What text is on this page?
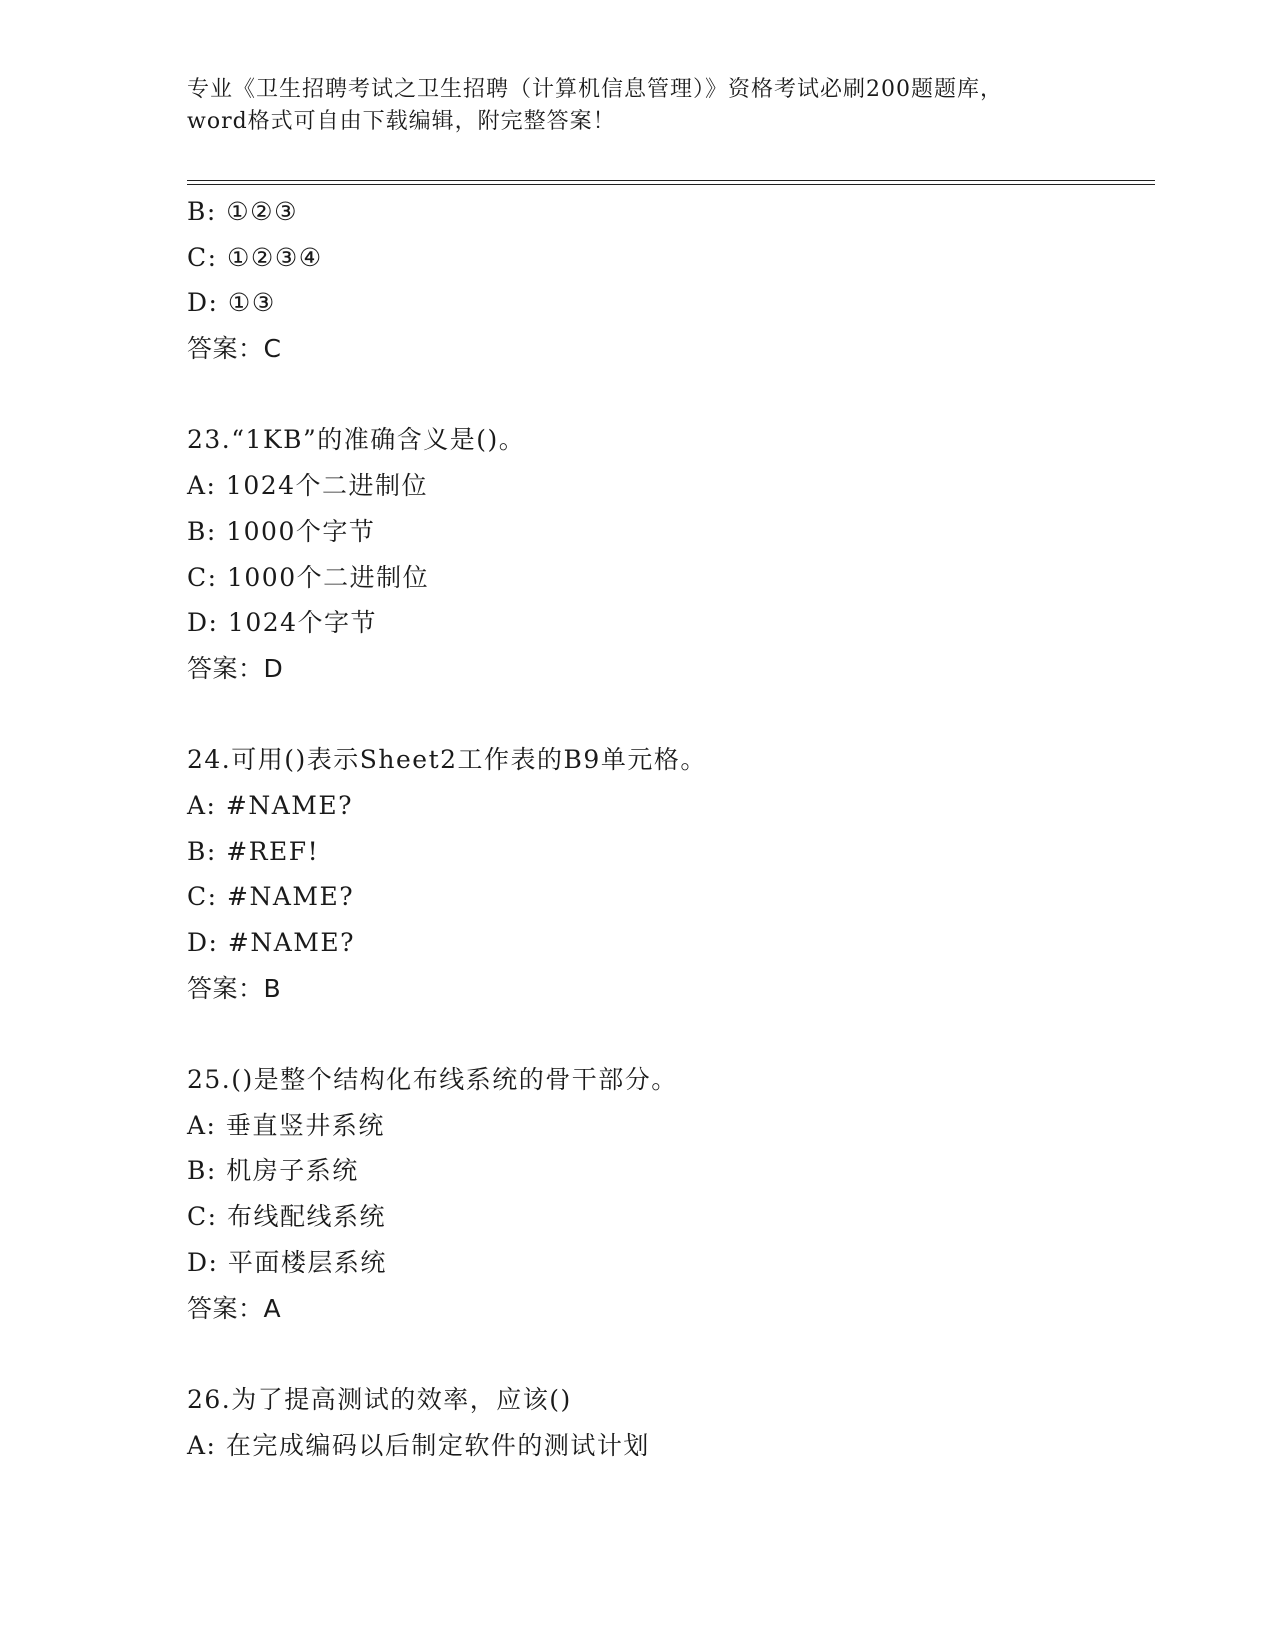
专业《卫生招聘考试之卫生招聘（计算机信息管理）》资格考试必刷200题题库，
word格式可自由下载编辑，附完整答案！
B: ①②③
C: ①②③④
D: ①③
答案：C
23.“1KB”的准确含义是()。
A: 1024个二进制位
B: 1000个字节
C: 1000个二进制位
D: 1024个字节
答案：D
24.可用()表示Sheet2工作表的B9单元格。
A: #NAME?
B: #REF!
C: #NAME?
D: #NAME?
答案：B
25.()是整个结构化布线系统的骨干部分。
A: 垂直竖井系统
B: 机房子系统
C: 布线配线系统
D: 平面楼层系统
答案：A
26.为了提高测试的效率，应该()
A: 在完成编码以后制定软件的测试计划
